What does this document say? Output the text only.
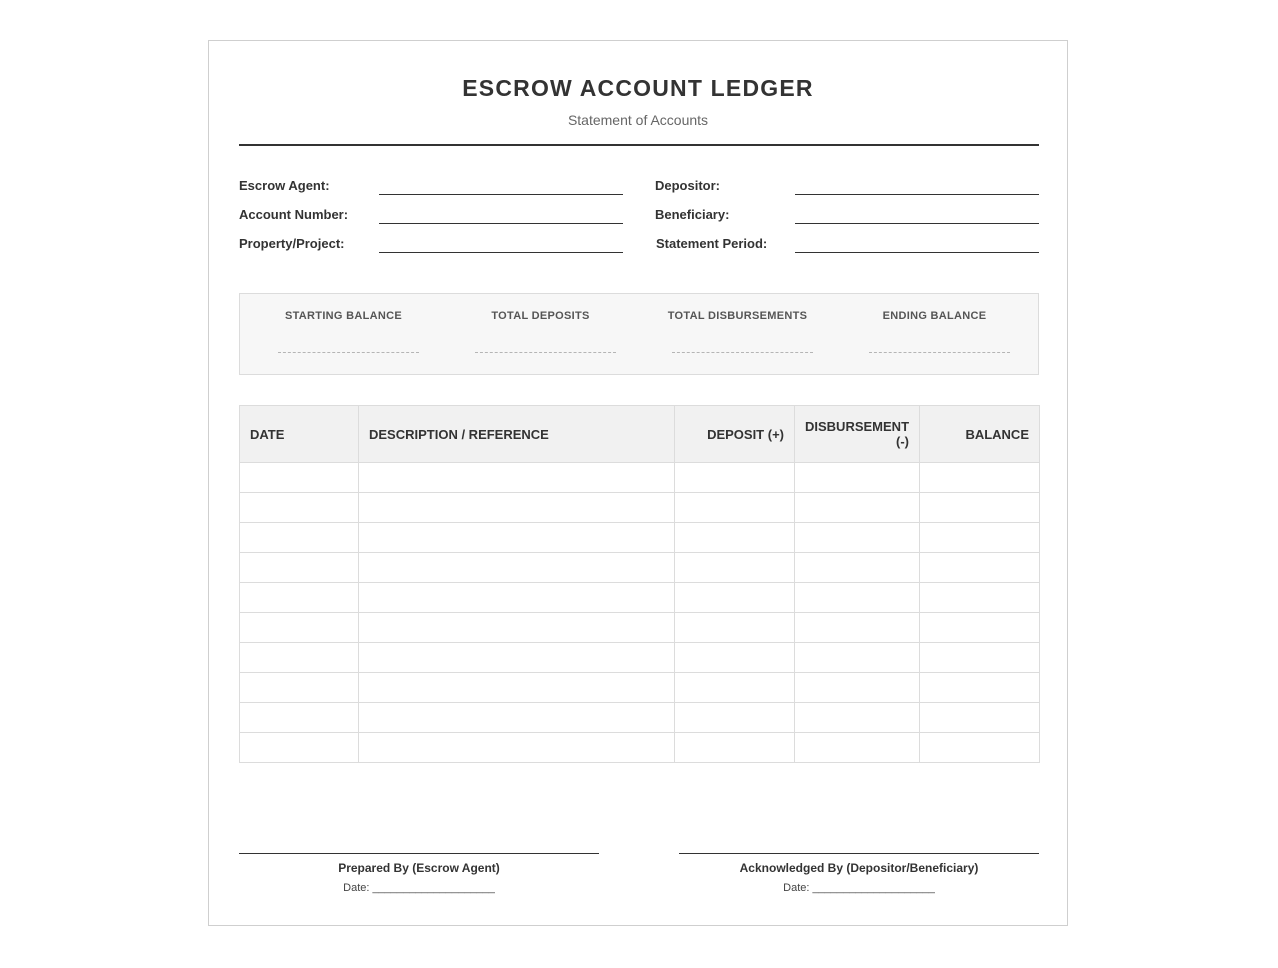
ESCROW ACCOUNT LEDGER
Statement of Accounts
Escrow Agent:
Account Number:
Property/Project:
Depositor:
Beneficiary:
Statement Period:
STARTING BALANCE	TOTAL DEPOSITS	TOTAL DISBURSEMENTS	ENDING BALANCE
DATE	DESCRIPTION / REFERENCE	DEPOSIT (+)	DISBURSEMENT (-)	BALANCE

Prepared By (Escrow Agent)
Date: ____________________
Acknowledged By (Depositor/Beneficiary)
Date: ____________________
